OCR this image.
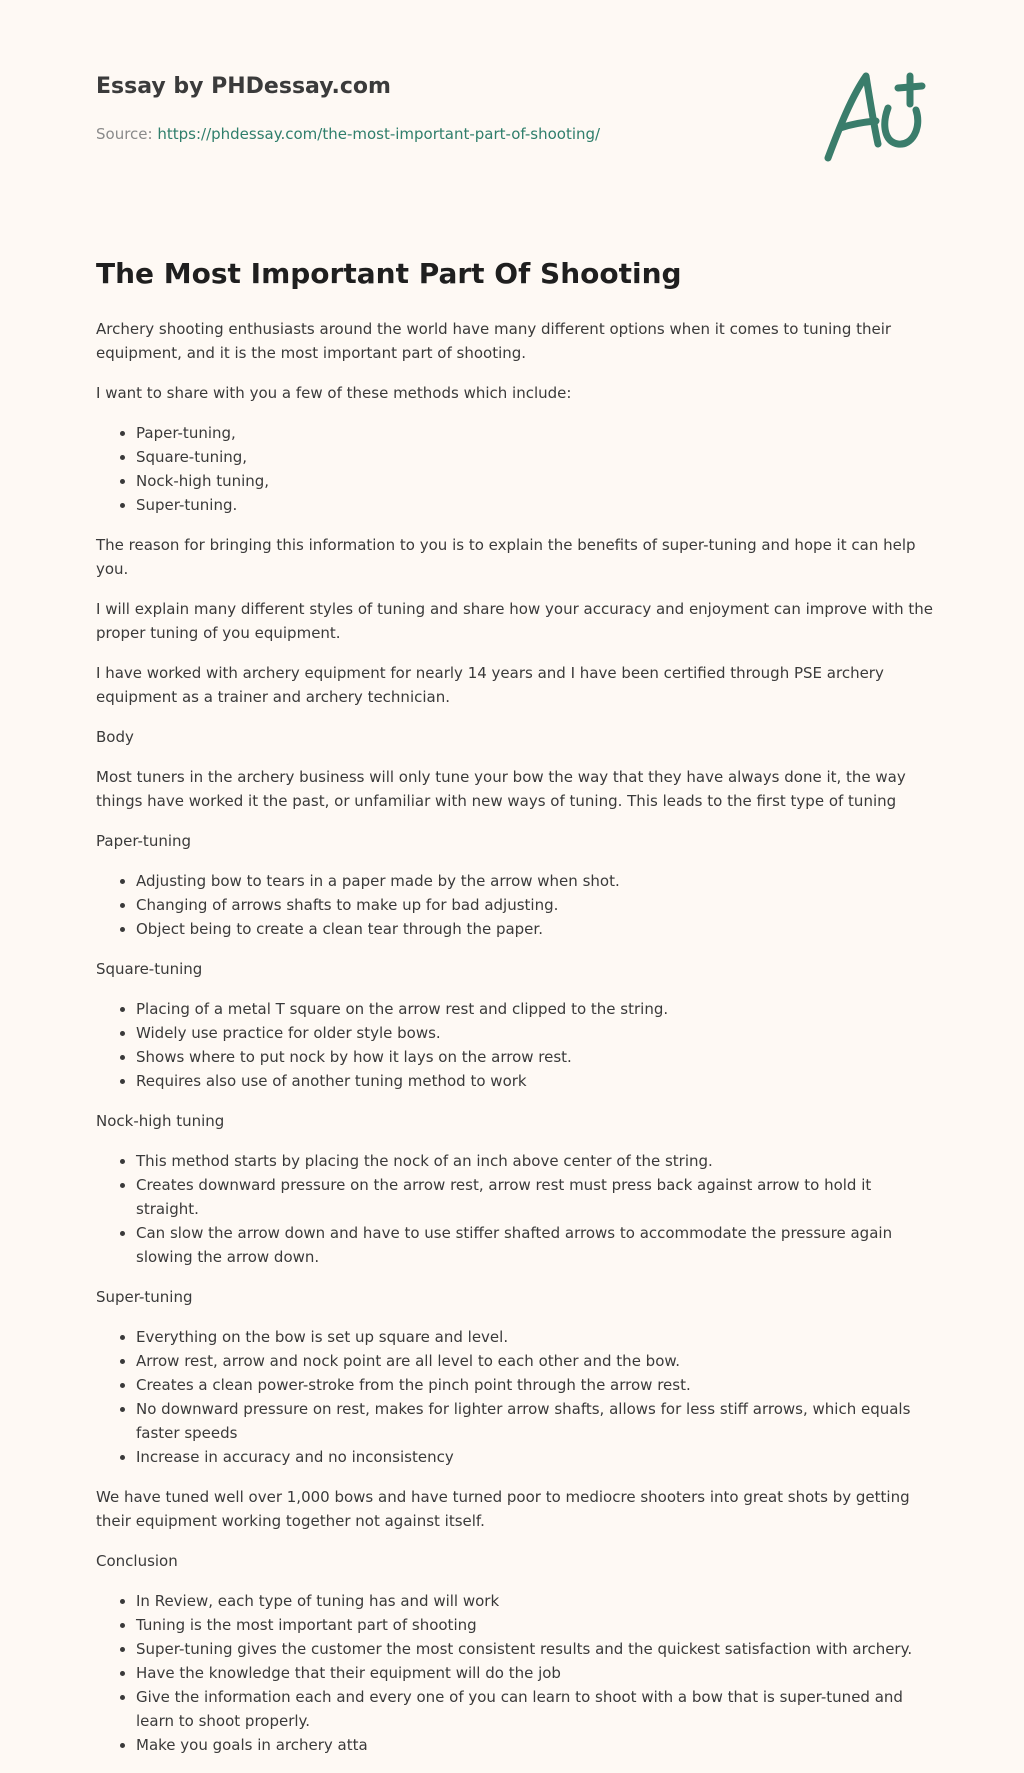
Essay by PHDessay.com

Source: https://phdessay.com/the-most-important-part-of-shooting/
The Most Important Part Of Shooting

Archery shooting enthusiasts around the world have many different options when it comes to tuning their equipment, and it is the most important part of shooting.

I want to share with you a few of these methods which include:

• Paper-tuning,
• Square-tuning,
• Nock-high tuning,
• Super-tuning.

The reason for bringing this information to you is to explain the benefits of super-tuning and hope it can help you.

I will explain many different styles of tuning and share how your accuracy and enjoyment can improve with the proper tuning of you equipment.

I have worked with archery equipment for nearly 14 years and I have been certified through PSE archery equipment as a trainer and archery technician.

Body

Most tuners in the archery business will only tune your bow the way that they have always done it, the way things have worked it the past, or unfamiliar with new ways of tuning. This leads to the first type of tuning

Paper-tuning

• Adjusting bow to tears in a paper made by the arrow when shot.
• Changing of arrows shafts to make up for bad adjusting.
• Object being to create a clean tear through the paper.

Square-tuning

• Placing of a metal T square on the arrow rest and clipped to the string.
• Widely use practice for older style bows.
• Shows where to put nock by how it lays on the arrow rest.
• Requires also use of another tuning method to work

Nock-high tuning

• This method starts by placing the nock of an inch above center of the string.
• Creates downward pressure on the arrow rest, arrow rest must press back against arrow to hold it straight.
• Can slow the arrow down and have to use stiffer shafted arrows to accommodate the pressure again slowing the arrow down.

Super-tuning

• Everything on the bow is set up square and level.
• Arrow rest, arrow and nock point are all level to each other and the bow.
• Creates a clean power-stroke from the pinch point through the arrow rest.
• No downward pressure on rest, makes for lighter arrow shafts, allows for less stiff arrows, which equals faster speeds
• Increase in accuracy and no inconsistency

We have tuned well over 1,000 bows and have turned poor to mediocre shooters into great shots by getting their equipment working together not against itself.

Conclusion

• In Review, each type of tuning has and will work
• Tuning is the most important part of shooting
• Super-tuning gives the customer the most consistent results and the quickest satisfaction with archery.
• Have the knowledge that their equipment will do the job
• Give the information each and every one of you can learn to shoot with a bow that is super-tuned and learn to shoot properly.
• Make you goals in archery atta
